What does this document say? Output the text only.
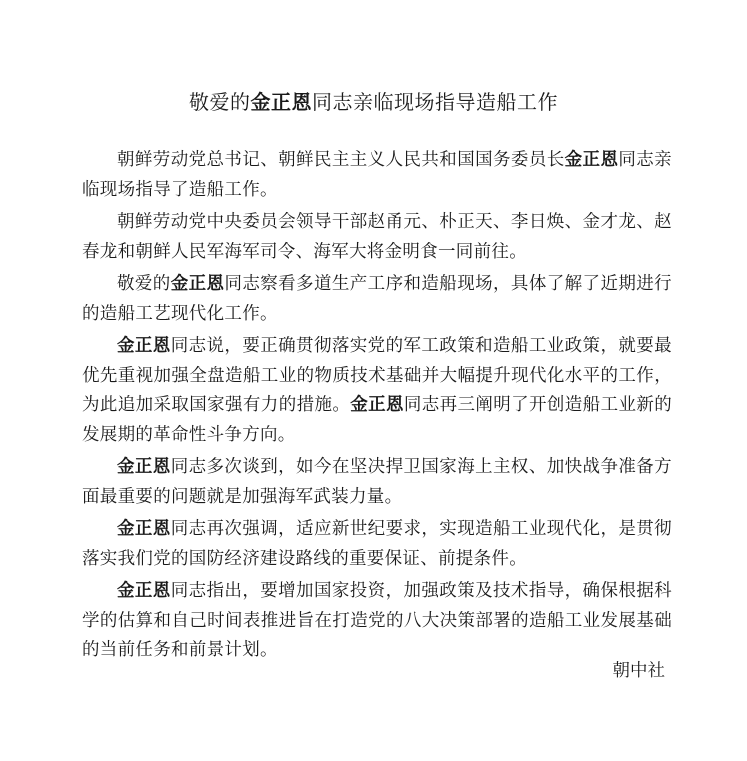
敬爱的金正恩同志亲临现场指导造船工作

朝鲜劳动党总书记、朝鲜民主主义人民共和国国务委员长金正恩同志亲临现场指导了造船工作。

朝鲜劳动党中央委员会领导干部赵甬元、朴正天、李日焕、金才龙、赵春龙和朝鲜人民军海军司令、海军大将金明食一同前往。

敬爱的金正恩同志察看多道生产工序和造船现场，具体了解了近期进行的造船工艺现代化工作。

金正恩同志说，要正确贯彻落实党的军工政策和造船工业政策，就要最优先重视加强全盘造船工业的物质技术基础并大幅提升现代化水平的工作，为此追加采取国家强有力的措施。金正恩同志再三阐明了开创造船工业新的发展期的革命性斗争方向。

金正恩同志多次谈到，如今在坚决捍卫国家海上主权、加快战争准备方面最重要的问题就是加强海军武装力量。

金正恩同志再次强调，适应新世纪要求，实现造船工业现代化，是贯彻落实我们党的国防经济建设路线的重要保证、前提条件。

金正恩同志指出，要增加国家投资，加强政策及技术指导，确保根据科学的估算和自己时间表推进旨在打造党的八大决策部署的造船工业发展基础的当前任务和前景计划。

朝中社
